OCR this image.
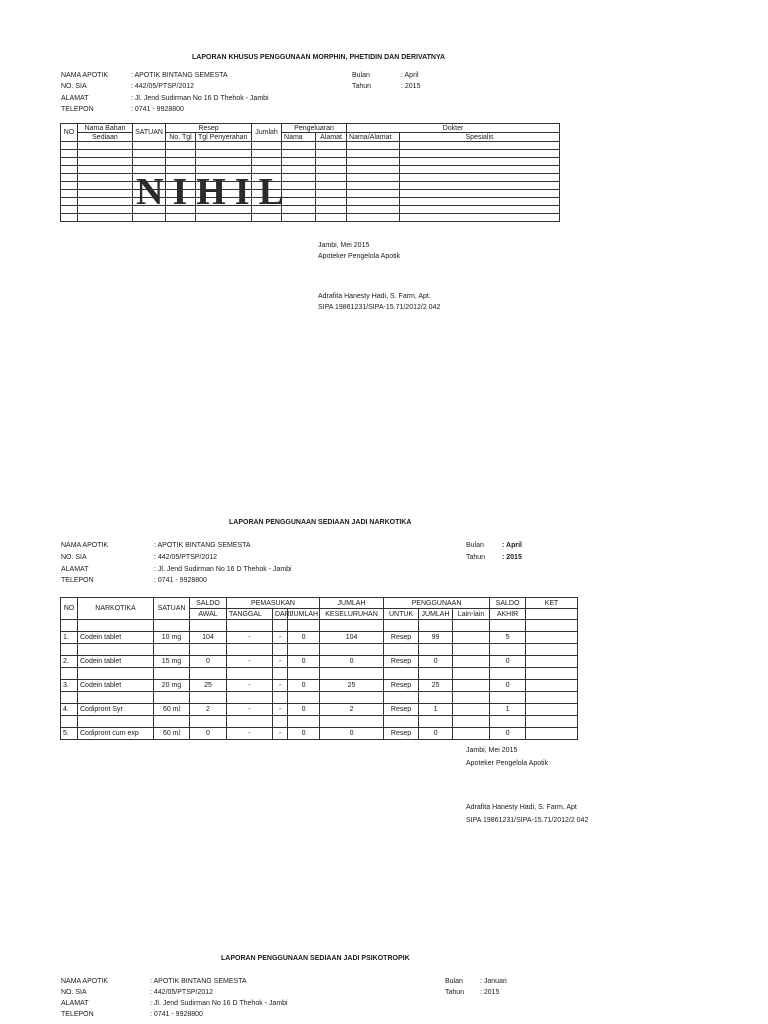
LAPORAN KHUSUS PENGGUNAAN MORPHIN, PHETIDIN DAN DERIVATNYA
NAMA APOTIK	: APOTIK BINTANG SEMESTA
NO. SIA	: 442/05/PTSP/2012
ALAMAT	: Jl. Jend Sudirman No 16 D Thehok - Jambi
TELEPON	: 0741 - 9928800
Bulan	: April
Tahun	: 2015
NO	Nama Bahan	SATUAN	Resep		Jumlah	Pengeluaran		Dokter	
	Sediaan		No. Tgl	Tgl Penyerahan		Nama	Alamat	Nama/Alamat	Spesialis

NIHIL
Jambi, Mei 2015
Apoteker Pengelola Apotik
Adrafita Hanesty Hadi, S. Farm, Apt.
SIPA 19861231/SIPA-15.71/2012/2 042
LAPORAN PENGGUNAAN SEDIAAN JADI NARKOTIKA
NAMA APOTIK	: APOTIK BINTANG SEMESTA
NO. SIA	: 442/05/PTSP/2012
ALAMAT	: Jl. Jend Sudirman No 16 D Thehok - Jambi
TELEPON	: 0741 - 9928800
Bulan	: April
Tahun : 2015
NO	NARKOTIKA	SATUAN	SALDO	PEMASUKAN			JUMLAH	PENGGUNAAN			SALDO	KET
			AWAL	TANGGAL	DARI	JUMLAH	KESELURUHAN	UNTUK	JUMLAH	Lain-lain	AKHIR	

1.	Codein tablet	10 mg	104	-	-	0	104	Resep	99		5	

2.	Codein tablet	15 mg	0	-	-	0	0	Resep	0		0	

3.	Codein tablet	20 mg	25	-	-	0	25	Resep	25		0	

4.	Codipront Syr	60 ml	2	-	-	0	2	Resep	1		1	

5.	Codipront cum exp	60 ml	0	-	-	0	0	Resep	0		0	
Jambi, Mei 2015
Apoteker Pengelola Apotik
Adrafita Hanesty Hadi, S. Farm, Apt
SIPA 19861231/SIPA-15.71/2012/2 042
LAPORAN PENGGUNAAN SEDIAAN JADI PSIKOTROPIK
NAMA APOTIK	: APOTIK BINTANG SEMESTA
NO. SIA	: 442/05/PTSP/2012
ALAMAT	: Jl. Jend Sudirman No 16 D Thehok - Jambi
TELEPON	: 0741 - 9928800
Bulan : Januari
Tahun : 2015
